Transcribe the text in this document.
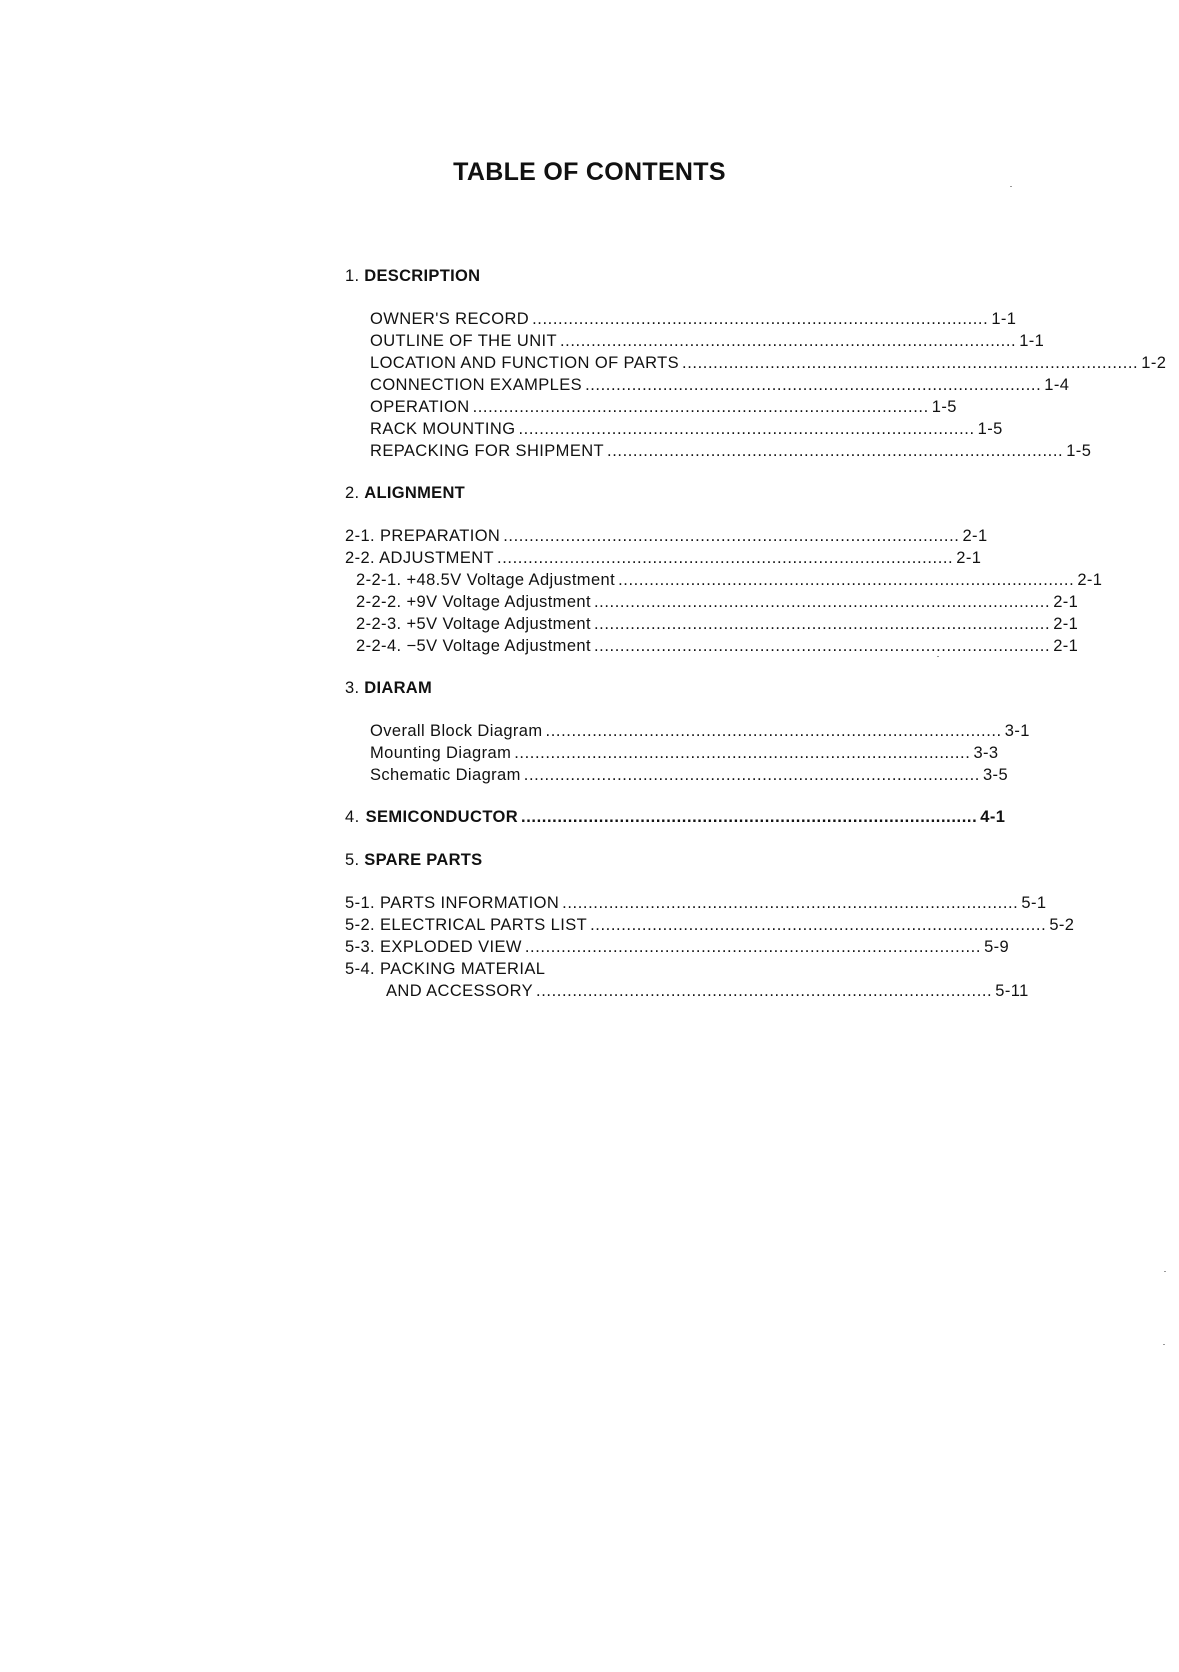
TABLE OF CONTENTS
1. DESCRIPTION
OWNER'S RECORD ........................................................................................ 1-1
OUTLINE OF THE UNIT ........................................................................................ 1-1
LOCATION AND FUNCTION OF PARTS ........................................................................................ 1-2
CONNECTION EXAMPLES ........................................................................................ 1-4
OPERATION ........................................................................................ 1-5
RACK MOUNTING ........................................................................................ 1-5
REPACKING FOR SHIPMENT ........................................................................................ 1-5
2. ALIGNMENT
2-1. PREPARATION ........................................................................................ 2-1
2-2. ADJUSTMENT ........................................................................................ 2-1
2-2-1. +48.5V Voltage Adjustment ........................................................................................ 2-1
2-2-2. +9V Voltage Adjustment ........................................................................................ 2-1
2-2-3. +5V Voltage Adjustment ........................................................................................ 2-1
2-2-4. −5V Voltage Adjustment ........................................................................................ 2-1
3. DIARAM
Overall Block Diagram ........................................................................................ 3-1
Mounting Diagram ........................................................................................ 3-3
Schematic Diagram ........................................................................................ 3-5
4. SEMICONDUCTOR ........................................................................................ 4-1
5. SPARE PARTS
5-1. PARTS INFORMATION ........................................................................................ 5-1
5-2. ELECTRICAL PARTS LIST ........................................................................................ 5-2
5-3. EXPLODED VIEW ........................................................................................ 5-9
5-4. PACKING MATERIAL
AND ACCESSORY ........................................................................................ 5-11
